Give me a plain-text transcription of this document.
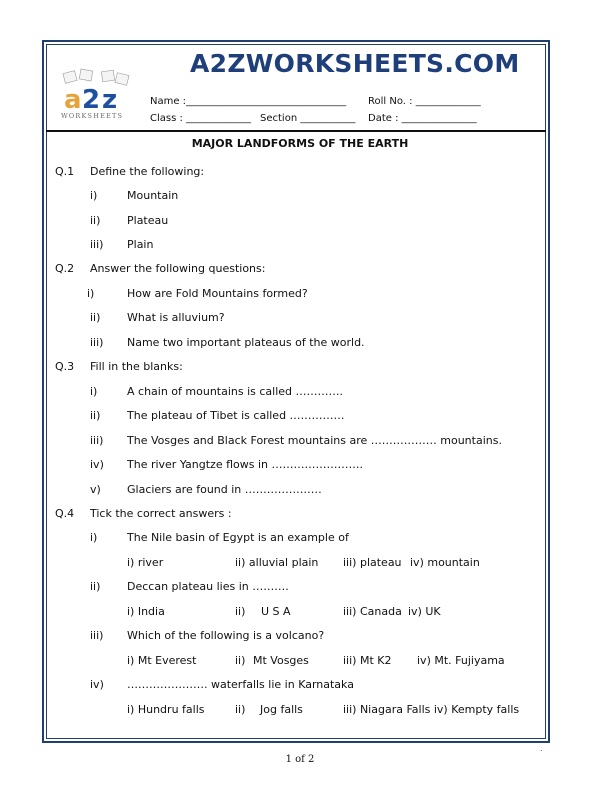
A2ZWORKSHEETS.COM
a 2 z
WORKSHEETS
Name :________________________________ Roll No. : _____________
Class : _____________ Section ___________ Date : _______________
MAJOR LANDFORMS OF THE EARTH
Q.1 Define the following:
i)	Mountain
ii) Plateau
iii) Plain
Q.2 Answer the following questions:
i)	How are Fold Mountains formed?
ii) What is alluvium?
iii) Name two important plateaus of the world.
Q.3 Fill in the blanks:
i)	A chain of mountains is called ………….
ii) The plateau of Tibet is called ……………
iii) The Vosges and Black Forest mountains are ……………… mountains.
iv) The river Yangtze flows in …………………….
v) Glaciers are found in …………………
Q.4 Tick the correct answers :
i)	The Nile basin of Egypt is an example of
i) river	ii) alluvial plain iii) plateau iv) mountain
ii) Deccan plateau lies in ……….
i) India	ii) U S A	iii) Canada iv) UK
iii) Which of the following is a volcano?
i) Mt Everest	ii) Mt Vosges	iii) Mt K2 iv) Mt. Fujiyama
iv) …………………. waterfalls lie in Karnataka
i) Hundru falls	ii) Jog falls	iii) Niagara Falls iv) Kempty falls
.
1 of 2
